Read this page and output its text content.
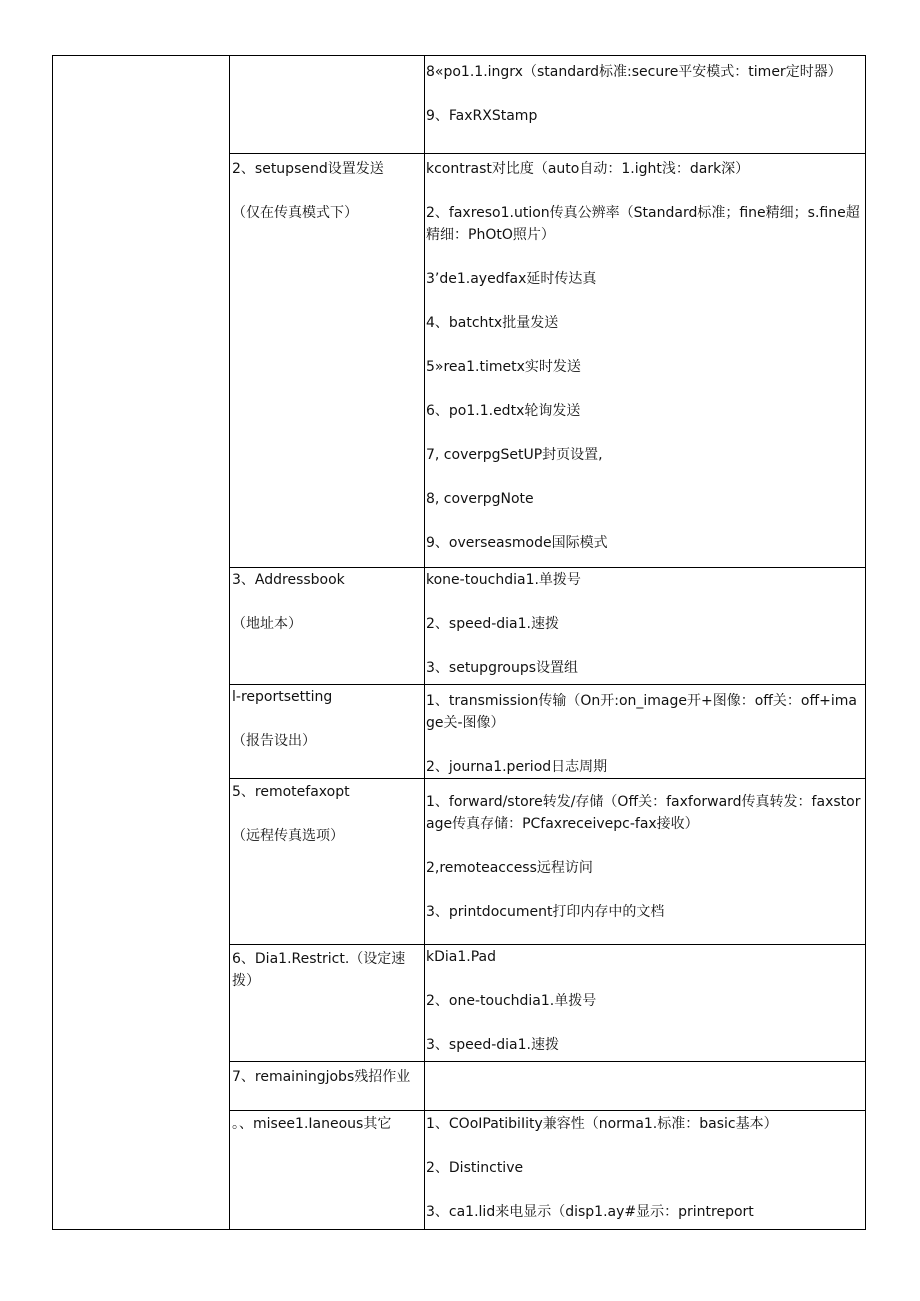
8«po1.1.ingrx（standard标准:secure平安模式：timer定时器）

9、FaxRXStamp

2、setupsend设置发送

（仅在传真模式下）

kcontrast对比度（auto自动：1.ight浅：dark深）

2、faxreso1.ution传真公辨率（Standard标准；fine精细；s.fine超精细：PhOtO照片）

3’de1.ayedfax延时传达真

4、batchtx批量发送

5»rea1.timetx实时发送

6、po1.1.edtx轮询发送

7, coverpgSetUP封页设置,

8, coverpgNote

9、overseasmode国际模式

3、Addressbook

（地址本）

kone-touchdia1.单拨号

2、speed-dia1.速拨

3、setupgroups设置组

l-reportsetting

（报告设出）

1、transmission传输（On开:on_image开+图像：off关：off+image关-图像）

2、journa1.period日志周期

5、remotefaxopt

（远程传真选项）

1、forward/store转发/存储（Off关：faxforward传真转发：faxstorage传真存储：PCfaxreceivepc-fax接收）

2,remoteaccess远程访问

3、printdocument打印内存中的文档

6、Dia1.Restrict.（设定速拨）

kDia1.Pad

2、one-touchdia1.单拨号

3、speed-dia1.速拨

7、remainingjobs残招作业

。、misee1.Ianeous其它	1、COoIPatibiIity兼容性（norma1.标准：basic基本）

2、Distinctive

3、ca1.lid来电显示（disp1.ay#显示：printreport
